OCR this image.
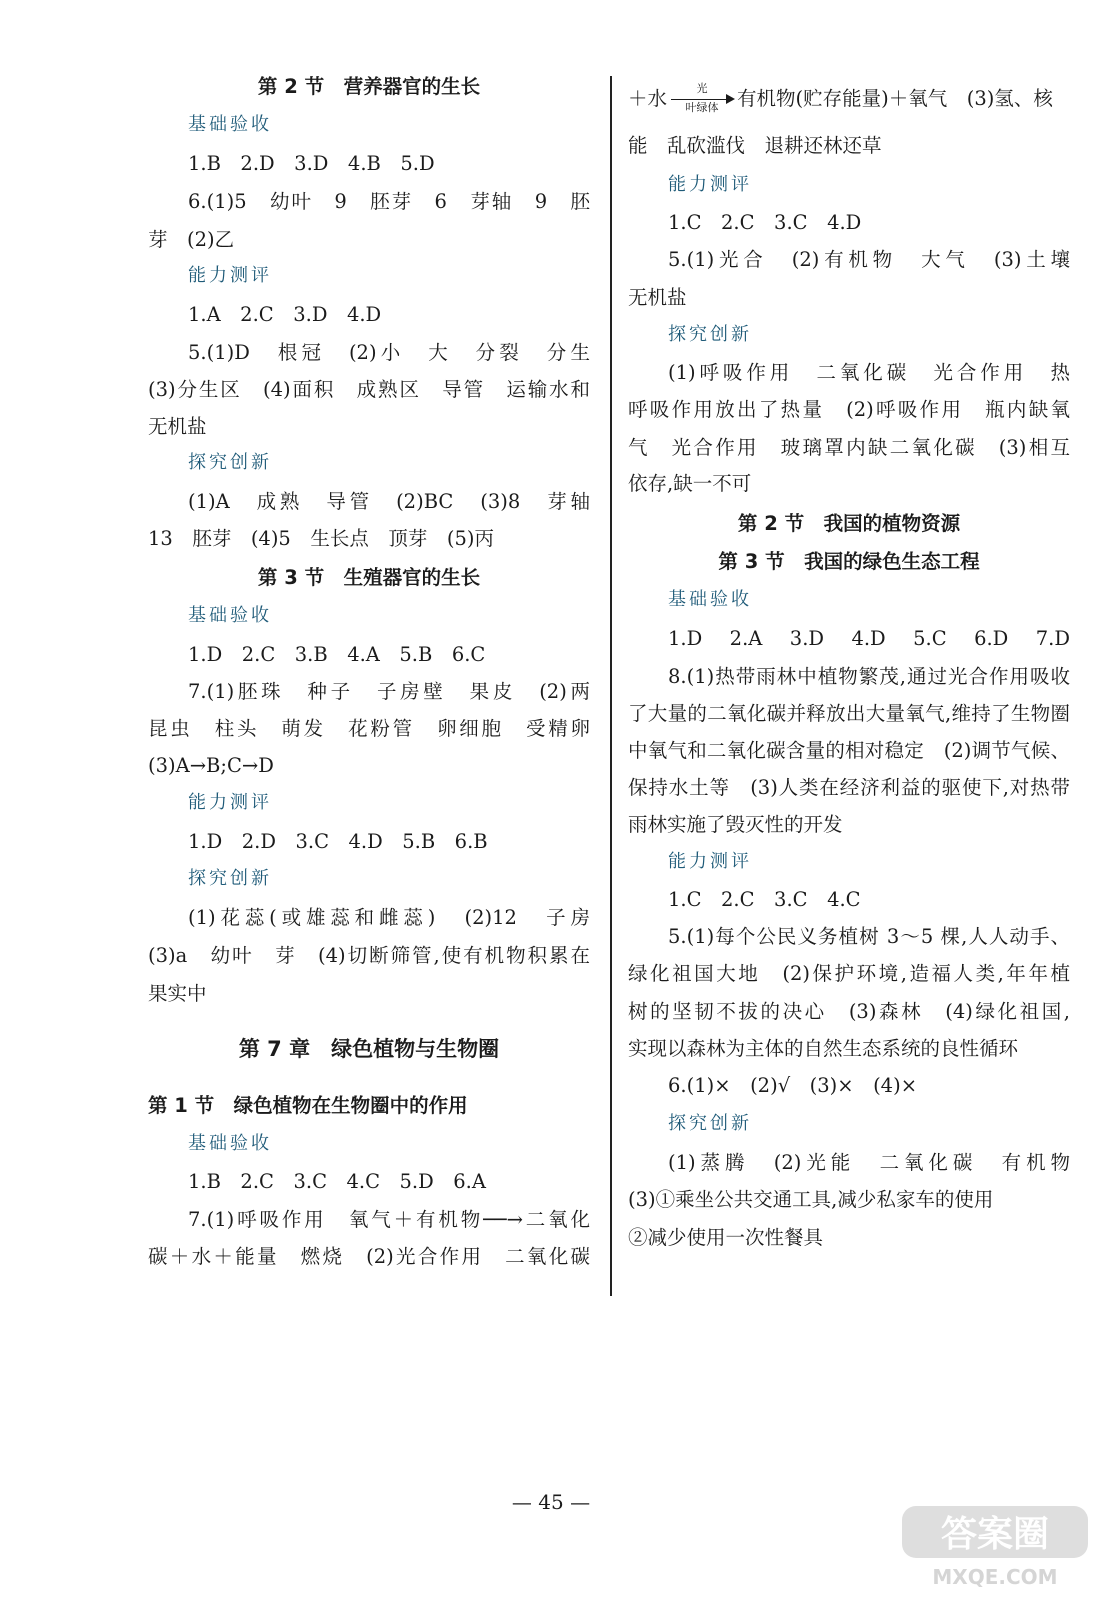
第 2 节　营养器官的生长
基础验收
1.B　2.D　3.D　4.B　5.D
6.(1)5　幼叶　9　胚芽　6　芽轴　9　胚
芽　(2)乙
能力测评
1.A　2.C　3.D　4.D
5.(1)D　根冠　(2)小　大　分裂　分生
(3)分生区　(4)面积　成熟区　导管　运输水和
无机盐
探究创新
(1)A　成熟　导管　(2)BC　(3)8　芽轴
13　胚芽　(4)5　生长点　顶芽　(5)丙
第 3 节　生殖器官的生长
基础验收
1.D　2.C　3.B　4.A　5.B　6.C
7.(1)胚珠　种子　子房壁　果皮　(2)两
昆虫　柱头　萌发　花粉管　卵细胞　受精卵
(3)A→B;C→D
能力测评
1.D　2.D　3.C　4.D　5.B　6.B
探究创新
(1)花蕊(或雄蕊和雌蕊)　(2)12　子房
(3)a　幼叶　芽　(4)切断筛管,使有机物积累在
果实中
第 7 章　绿色植物与生物圈
第 1 节　绿色植物在生物圈中的作用
基础验收
1.B　2.C　3.C　4.C　5.D　6.A
7.(1)呼吸作用　氧气＋有机物──→二氧化
碳＋水＋能量　燃烧　(2)光合作用　二氧化碳
＋水	光
叶绿体 有机物(贮存能量)＋氧气　(3)氢、核
能　乱砍滥伐　退耕还林还草
能力测评
1.C　2.C　3.C　4.D
5.(1)光合　(2)有机物　大气　(3)土壤
无机盐
探究创新
(1)呼吸作用　二氧化碳　光合作用　热
呼吸作用放出了热量　(2)呼吸作用　瓶内缺氧
气　光合作用　玻璃罩内缺二氧化碳　(3)相互
依存,缺一不可
第 2 节　我国的植物资源
第 3 节　我国的绿色生态工程
基础验收
1.D　2.A　3.D　4.D　5.C　6.D　7.D
8.(1)热带雨林中植物繁茂,通过光合作用吸收
了大量的二氧化碳并释放出大量氧气,维持了生物圈
中氧气和二氧化碳含量的相对稳定　(2)调节气候、
保持水土等　(3)人类在经济利益的驱使下,对热带
雨林实施了毁灭性的开发
能力测评
1.C　2.C　3.C　4.C
5.(1)每个公民义务植树 3～5 棵,人人动手、
绿化祖国大地　(2)保护环境,造福人类,年年植
树的坚韧不拔的决心　(3)森林　(4)绿化祖国,
实现以森林为主体的自然生态系统的良性循环
6.(1)×　(2)√　(3)×　(4)×
探究创新
(1)蒸腾　(2)光能　二氧化碳　有机物
(3)①乘坐公共交通工具,减少私家车的使用
②减少使用一次性餐具
— 45 —
答案圈
MXQE.COM
